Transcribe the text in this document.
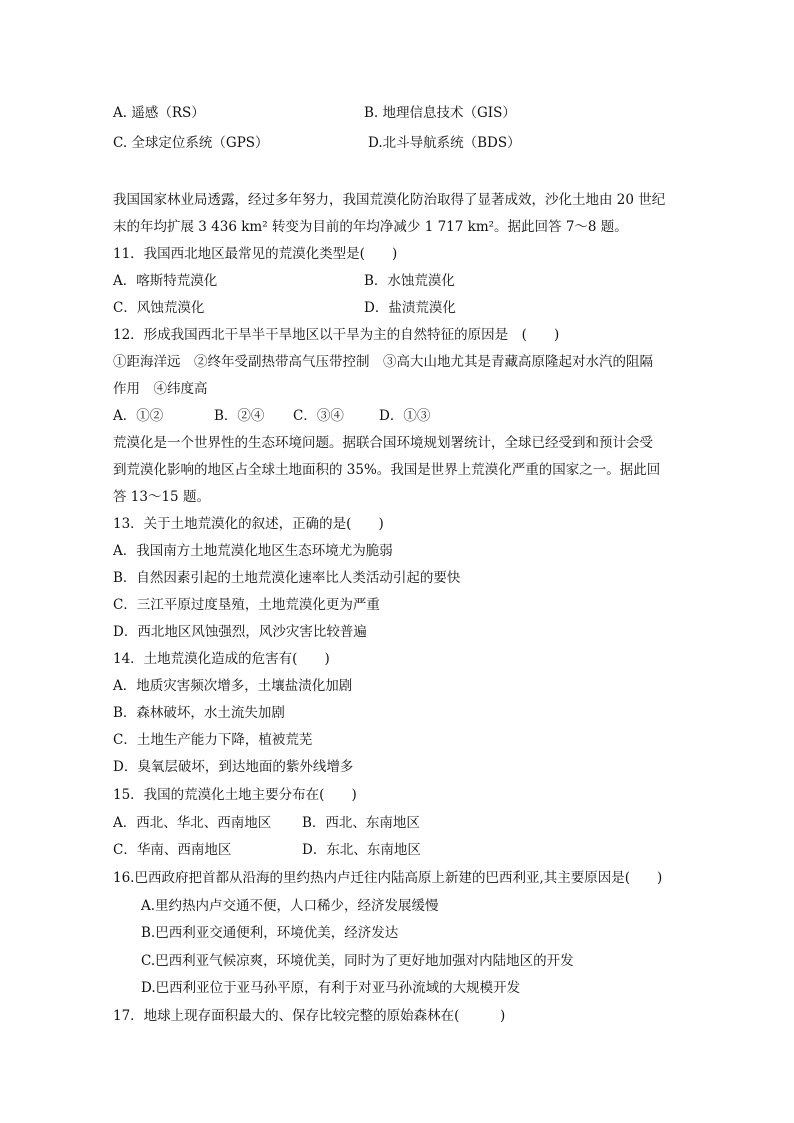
A. 遥感（RS）	B. 地理信息技术（GIS）
C. 全球定位系统（GPS）	D.北斗导航系统（BDS）
我国国家林业局透露，经过多年努力，我国荒漠化防治取得了显著成效，沙化土地由 20 世纪
末的年均扩展 3 436 km² 转变为目前的年均净减少 1 717 km²。据此回答 7～8 题。
11．我国西北地区最常见的荒漠化类型是(　　)
A．喀斯特荒漠化	B．水蚀荒漠化
C．风蚀荒漠化	D．盐渍荒漠化
12．形成我国西北干旱半干旱地区以干旱为主的自然特征的原因是　(　　)
①距海洋远　②终年受副热带高气压带控制　③高大山地尤其是青藏高原隆起对水汽的阻隔
作用　④纬度高
A．①②	B．②④ C．③④	D．①③
荒漠化是一个世界性的生态环境问题。据联合国环境规划署统计，全球已经受到和预计会受
到荒漠化影响的地区占全球土地面积的 35%。我国是世界上荒漠化严重的国家之一。据此回
答 13～15 题。
13．关于土地荒漠化的叙述，正确的是(　　)
A．我国南方土地荒漠化地区生态环境尤为脆弱
B．自然因素引起的土地荒漠化速率比人类活动引起的要快
C．三江平原过度垦殖，土地荒漠化更为严重
D．西北地区风蚀强烈，风沙灾害比较普遍
14．土地荒漠化造成的危害有(　　)
A．地质灾害频次增多，土壤盐渍化加剧
B．森林破坏，水土流失加剧
C．土地生产能力下降，植被荒芜
D．臭氧层破坏，到达地面的紫外线增多
15．我国的荒漠化土地主要分布在(　　)
A．西北、华北、西南地区 B．西北、东南地区
C．华南、西南地区	D．东北、东南地区
16.巴西政府把首都从沿海的里约热内卢迁往内陆高原上新建的巴西利亚,其主要原因是(　　)
A.里约热内卢交通不便，人口稀少，经济发展缓慢
B.巴西利亚交通便利，环境优美，经济发达
C.巴西利亚气候凉爽，环境优美，同时为了更好地加强对内陆地区的开发
D.巴西利亚位于亚马孙平原，有利于对亚马孙流域的大规模开发
17．地球上现存面积最大的、保存比较完整的原始森林在(　　　)
